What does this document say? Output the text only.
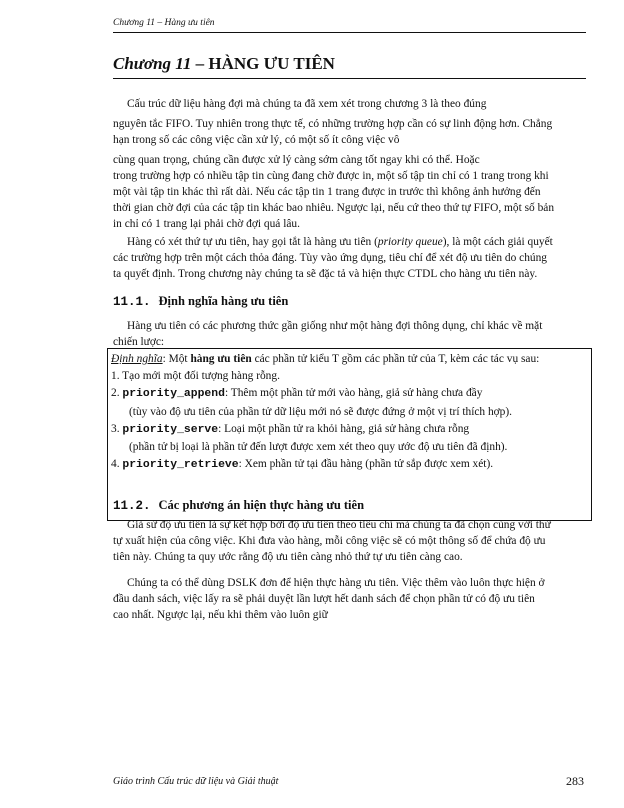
Chương 11 – Hàng ưu tiên
Chương 11 – HÀNG ƯU TIÊN
Cấu trúc dữ liệu hàng đợi mà chúng ta đã xem xét trong chương 3 là theo đúng
nguyên tắc FIFO. Tuy nhiên trong thực tế, có những trường hợp cần có sự linh động hơn. Chẳng
hạn trong số các công việc cần xử lý, có một số ít công việc vô
cùng quan trọng, chúng cần được xử lý càng sớm càng tốt ngay khi có thể. Hoặc
trong trường hợp có nhiều tập tin cùng đang chờ được in, một số tập tin chỉ có 1 trang trong khi
một vài tập tin khác thì rất dài. Nếu các tập tin 1 trang được in trước thì không ảnh hưởng đến
thời gian chờ đợi của các tập tin khác bao nhiêu. Ngược lại, nếu cứ theo thứ tự FIFO, một số bản
in chỉ có 1 trang lại phải chờ đợi quá lâu.
Hàng có xét thứ tự ưu tiên, hay gọi tắt là hàng ưu tiên (priority queue), là một cách giải quyết
các trường hợp trên một cách thỏa đáng. Tùy vào ứng dụng, tiêu chí để xét độ ưu tiên do chúng
ta quyết định. Trong chương này chúng ta sẽ đặc tả và hiện thực CTDL cho hàng ưu tiên này.
11.1. Định nghĩa hàng ưu tiên
Hàng ưu tiên có các phương thức gần giống như một hàng đợi thông dụng, chỉ khác về mặt
chiến lược:
Định nghĩa: Một hàng ưu tiên các phần tử kiểu T gồm các phần tử của T, kèm các tác vụ sau:
1. Tạo mới một đối tượng hàng rỗng.
2. priority_append: Thêm một phần tử mới vào hàng, giả sử hàng chưa đầy
(tùy vào độ ưu tiên của phần tử dữ liệu mới nó sẽ được đứng ở một vị trí thích hợp).
3. priority_serve: Loại một phần tử ra khỏi hàng, giả sử hàng chưa rỗng
(phần tử bị loại là phần tử đến lượt được xem xét theo quy ước độ ưu tiên đã định).
4. priority_retrieve: Xem phần tử tại đầu hàng (phần tử sắp được xem xét).
11.2. Các phương án hiện thực hàng ưu tiên
Giả sử độ ưu tiên là sự kết hợp bởi độ ưu tiên theo tiêu chí mà chúng ta đã chọn cùng với thứ
tự xuất hiện của công việc. Khi đưa vào hàng, mỗi công việc sẽ có một thông số để chứa độ ưu
tiên này. Chúng ta quy ước rằng độ ưu tiên càng nhỏ thứ tự ưu tiên càng cao.
Chúng ta có thể dùng DSLK đơn để hiện thực hàng ưu tiên. Việc thêm vào luôn thực hiện ở
đầu danh sách, việc lấy ra sẽ phải duyệt lần lượt hết danh sách để chọn phần tử có độ ưu tiên
cao nhất. Ngược lại, nếu khi thêm vào luôn giữ
Giáo trình Cấu trúc dữ liệu và Giải thuật	283
